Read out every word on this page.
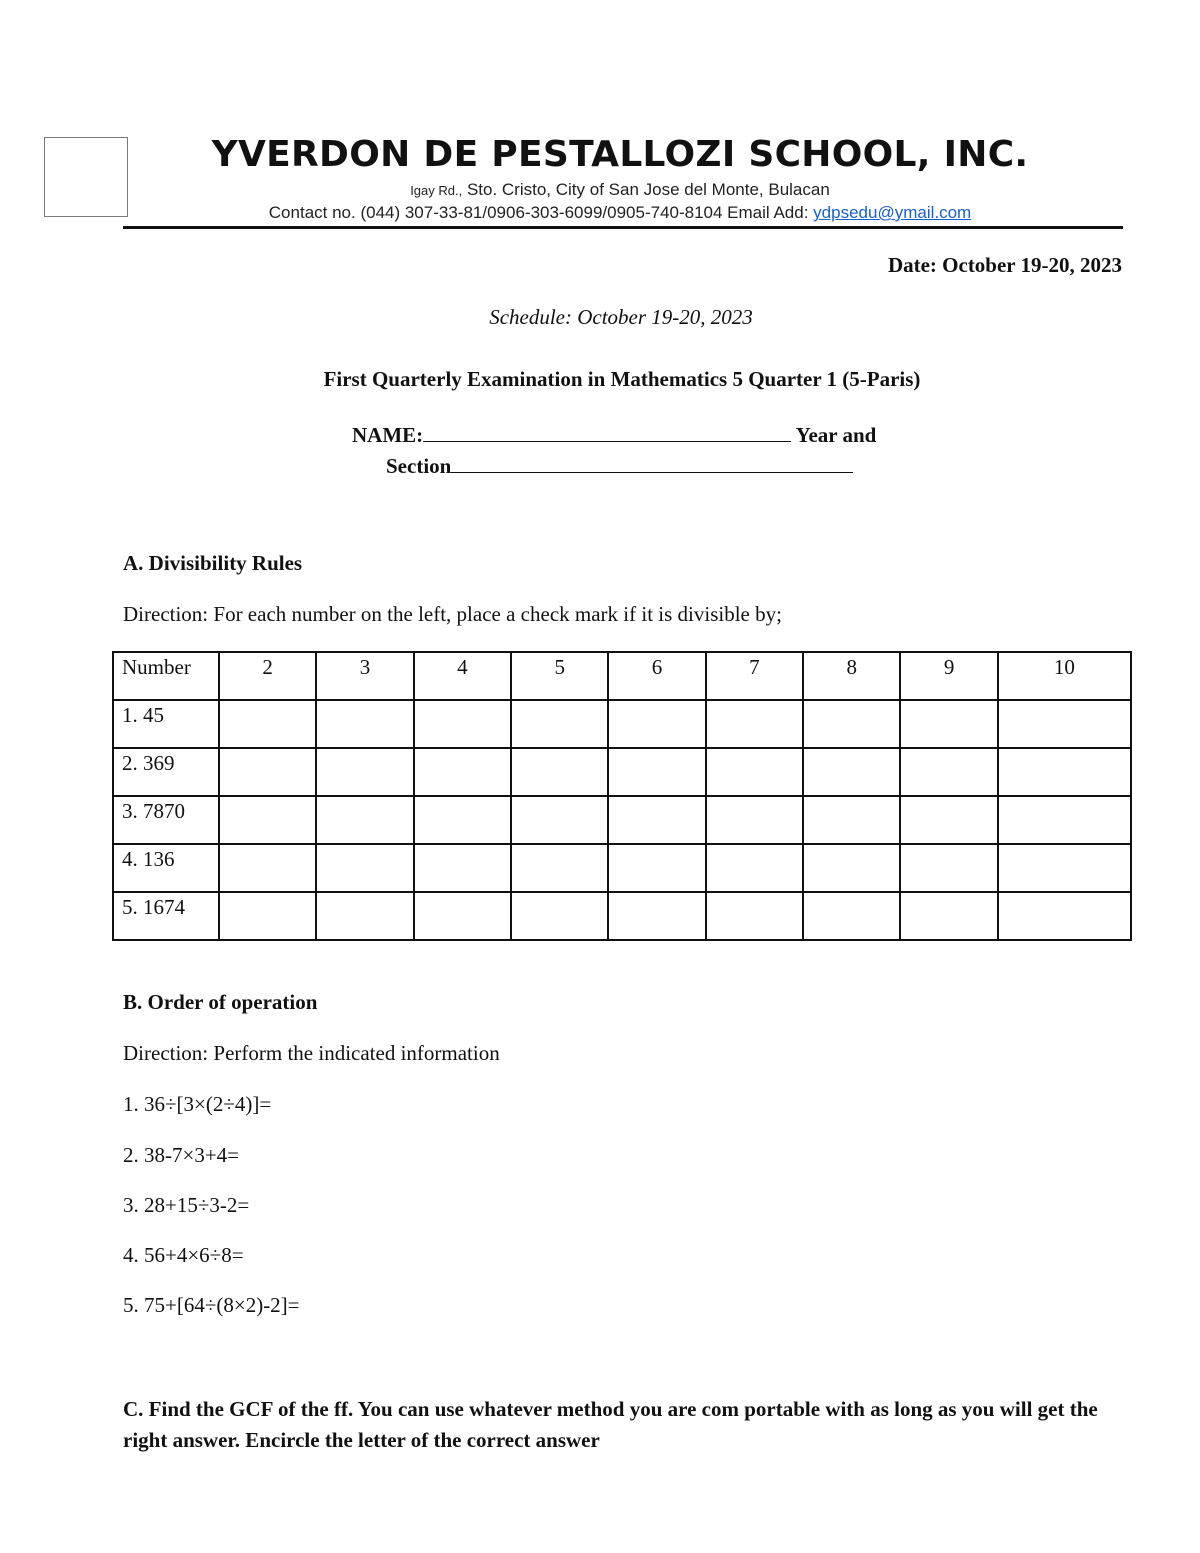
YVERDON DE PESTALLOZI SCHOOL, INC.
Igay Rd., Sto. Cristo, City of San Jose del Monte, Bulacan
Contact no. (044) 307-33-81/0906-303-6099/0905-740-8104 Email Add: ydpsedu@ymail.com
Date: October 19-20, 2023
Schedule: October 19-20, 2023
First Quarterly Examination in Mathematics 5 Quarter 1 (5-Paris)
NAME:	Year and
Section
A. Divisibility Rules
Direction: For each number on the left, place a check mark if it is divisible by;
Number	2	3	4	5	6	7	8	9	10
1. 45									
2. 369									
3. 7870									
4. 136									
5. 1674									
B. Order of operation
Direction: Perform the indicated information
1. 36÷[3×(2÷4)]=
2. 38-7×3+4=
3. 28+15÷3-2=
4. 56+4×6÷8=
5. 75+[64÷(8×2)-2]=
C. Find the GCF of the ff. You can use whatever method you are com portable with as long as you will get the right answer. Encircle the letter of the correct answer
